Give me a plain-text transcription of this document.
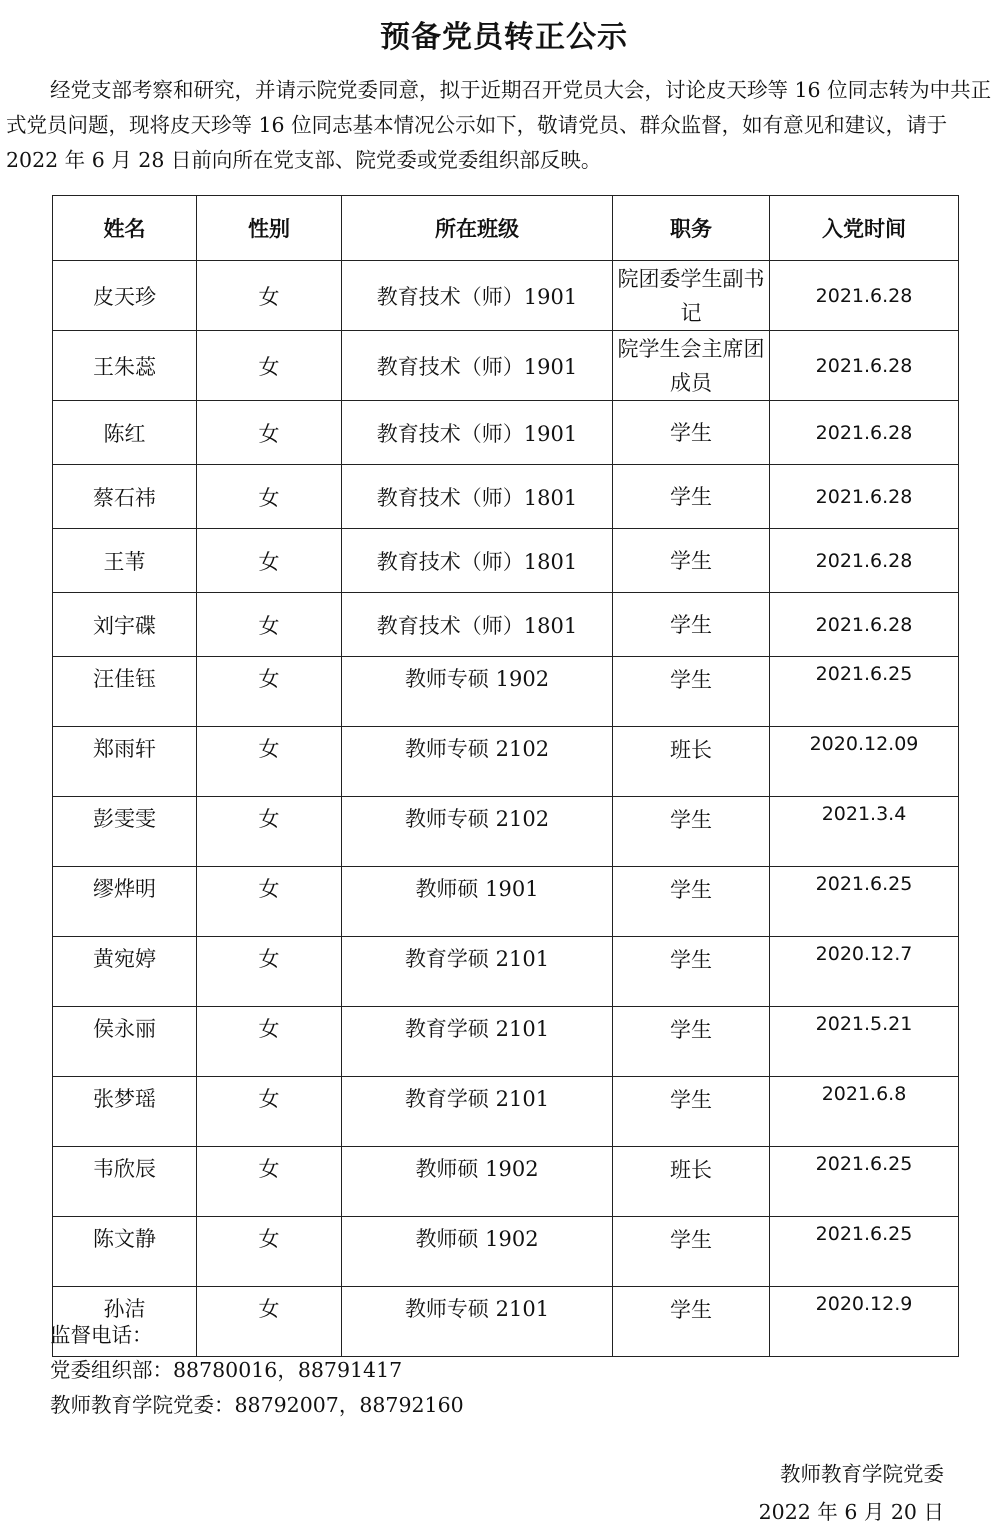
预备党员转正公示
经党支部考察和研究，并请示院党委同意，拟于近期召开党员大会，讨论皮天珍等 16 位同志转为中共正式党员问题，现将皮天珍等 16 位同志基本情况公示如下，敬请党员、群众监督，如有意见和建议，请于 2022 年 6 月 28 日前向所在党支部、院党委或党委组织部反映。
姓名	性别	所在班级	职务	入党时间
皮天珍	女	教育技术（师）1901	院团委学生副书记	2021.6.28
王朱蕊	女	教育技术（师）1901	院学生会主席团成员	2021.6.28
陈红	女	教育技术（师）1901	学生	2021.6.28
蔡石祎	女	教育技术（师）1801	学生	2021.6.28
王苇	女	教育技术（师）1801	学生	2021.6.28
刘宇碟	女	教育技术（师）1801	学生	2021.6.28
汪佳钰	女	教师专硕 1902	学生	2021.6.25
郑雨轩	女	教师专硕 2102	班长	2020.12.09
彭雯雯	女	教师专硕 2102	学生	2021.3.4
缪烨明	女	教师硕 1901	学生	2021.6.25
黄宛婷	女	教育学硕 2101	学生	2020.12.7
侯永丽	女	教育学硕 2101	学生	2021.5.21
张梦瑶	女	教育学硕 2101	学生	2021.6.8
韦欣辰	女	教师硕 1902	班长	2021.6.25
陈文静	女	教师硕 1902	学生	2021.6.25
孙洁	女	教师专硕 2101	学生	2020.12.9
监督电话：
党委组织部：88780016，88791417
教师教育学院党委：88792007，88792160
教师教育学院党委
2022 年 6 月 20 日
